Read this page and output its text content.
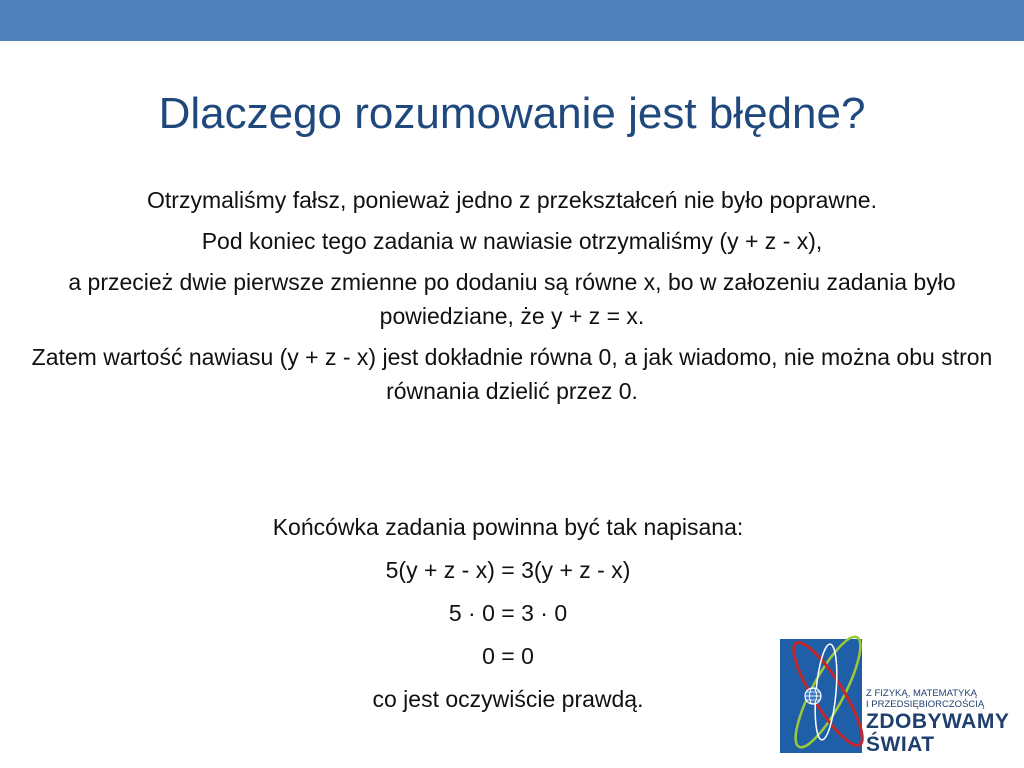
Dlaczego rozumowanie jest błędne?

Otrzymaliśmy fałsz, ponieważ jedno z przekształceń nie było poprawne.

Pod koniec tego zadania w nawiasie otrzymaliśmy (y + z - x),

a przecież dwie pierwsze zmienne po dodaniu są równe x, bo w załozeniu zadania było powiedziane, że y + z = x.

Zatem wartość nawiasu (y + z - x) jest dokładnie równa 0, a jak wiadomo, nie można obu stron równania dzielić przez 0.

Końcówka zadania powinna być tak napisana:

5(y + z - x) = 3(y + z - x)

5 · 0 = 3 · 0

0 = 0

co jest oczywiście prawdą.	Z FIZYKĄ, MATEMATYKĄ
I PRZEDSIĘBIORCZOŚCIĄ
ZDOBYWAMY
ŚWIAT
